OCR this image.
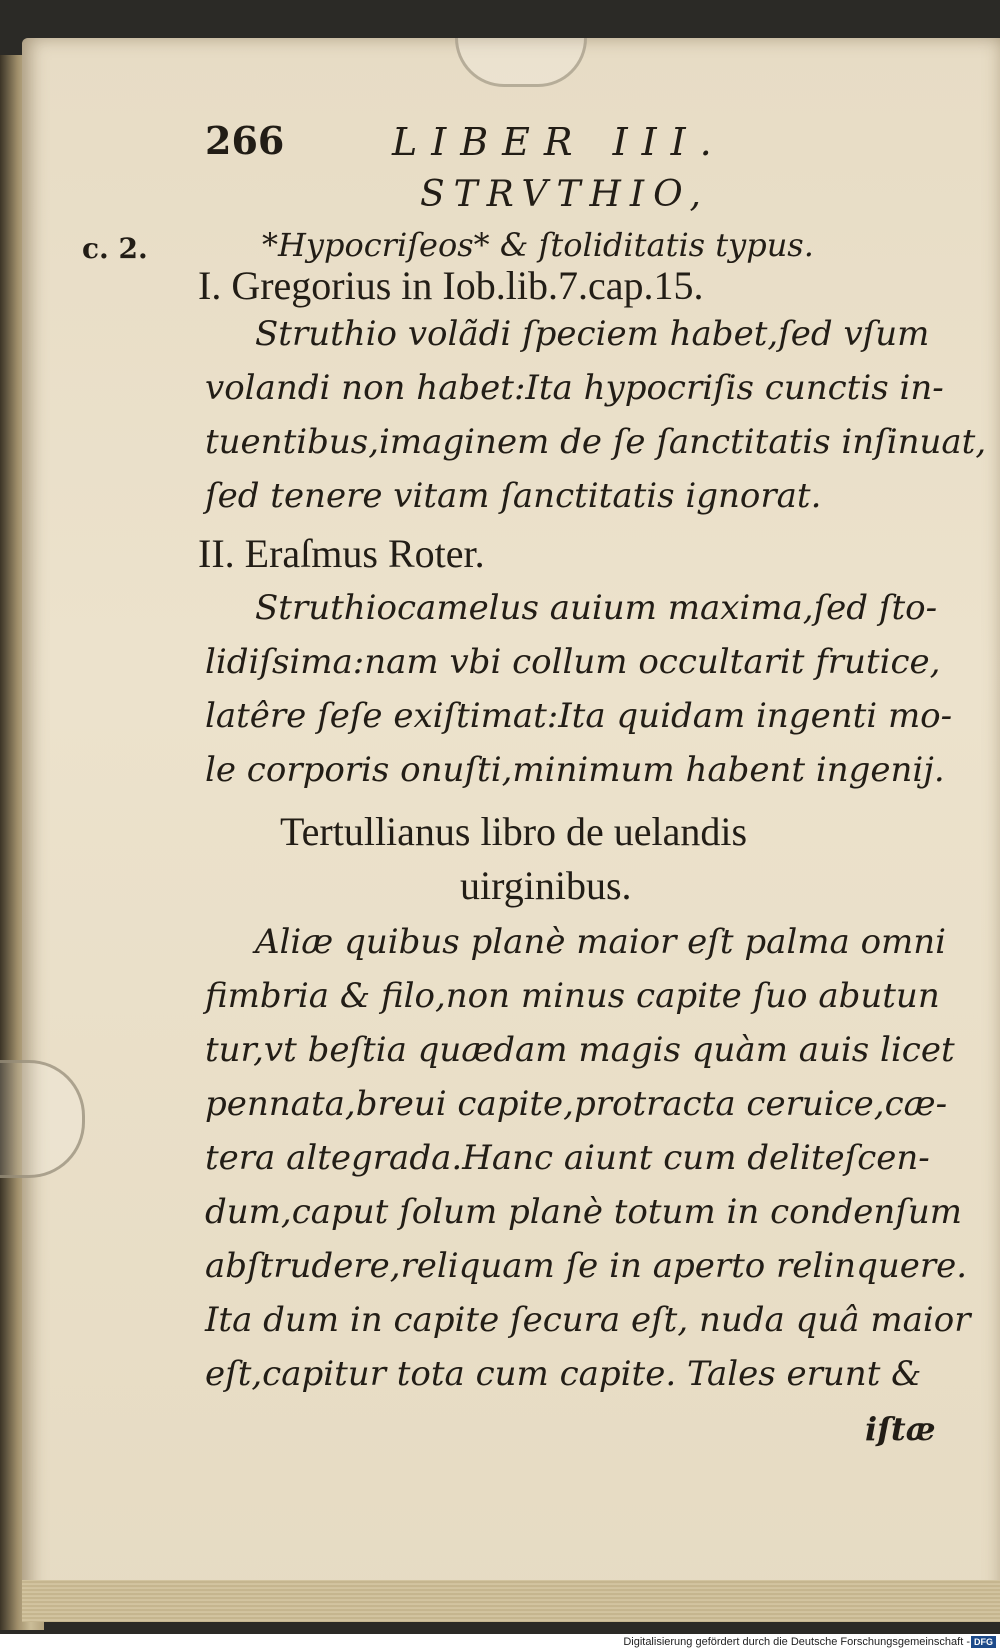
266	LIBER III.
STRVTHIO,
c. 2.	*Hypocriſeos* & ſtoliditatis typus.
I. Gregorius in Iob.lib.7.cap.15.
Struthio volãdi ſpeciem habet,ſed vſum
volandi non habet:Ita hypocriſis cunctis in-
tuentibus,imaginem de ſe ſanctitatis inſinuat,
ſed tenere vitam ſanctitatis ignorat.
II. Eraſmus Roter.
Struthiocamelus auium maxima,ſed ſto-
lidiſsima:nam vbi collum occultarit frutice,
latêre ſeſe exiſtimat:Ita quidam ingenti mo-
le corporis onuſti,minimum habent ingenij.
Tertullianus libro de uelandis
uirginibus.
Aliæ quibus planè maior eſt palma omni
fimbria & filo,non minus capite ſuo abutun
tur,vt beſtia quædam magis quàm auis licet
pennata,breui capite,protracta ceruice,cæ-
tera altegrada.Hanc aiunt cum deliteſcen-
dum,caput ſolum planè totum in condenſum
abſtrudere,reliquam ſe in aperto relinquere.
Ita dum in capite ſecura eſt, nuda quâ maior
eſt,capitur tota cum capite. Tales erunt &
iſtæ
Digitalisierung gefördert durch die Deutsche Forschungsgemeinschaft - DFG
